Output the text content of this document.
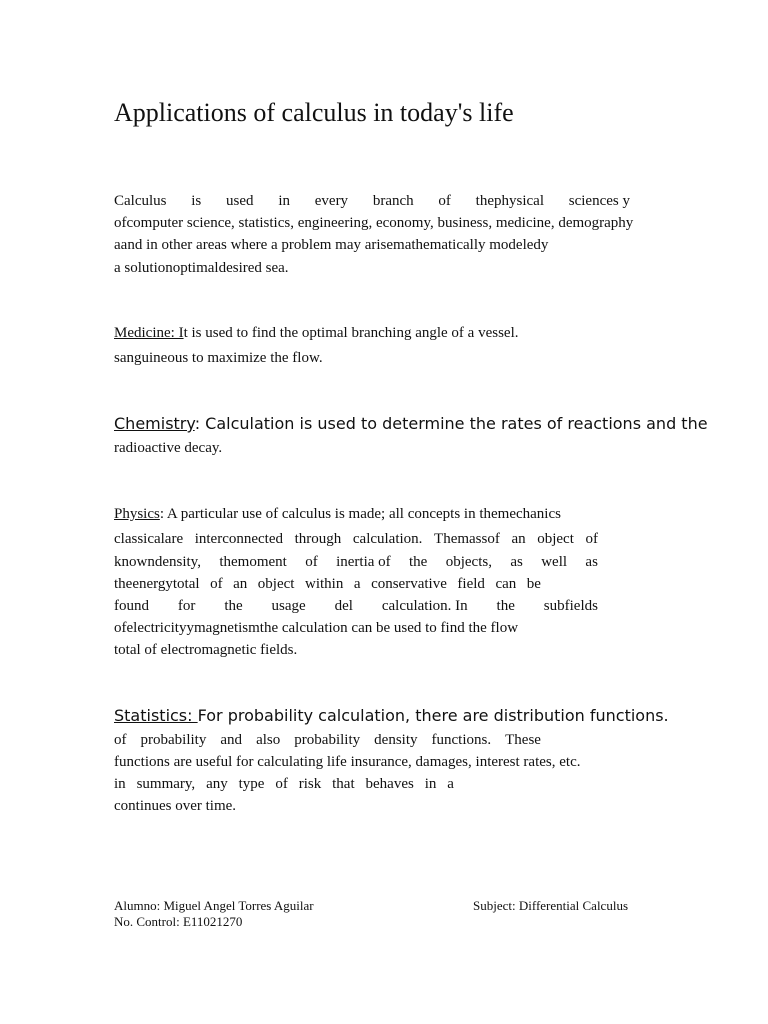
Applications of calculus in today's life
Calculus is used in every branch of thephysical sciences y
ofcomputer science, statistics, engineering, economy, business, medicine, demography
aand in other areas where a problem may arisemathematically modeledy
a solutionoptimaldesired sea.
Medicine: It is used to find the optimal branching angle of a vessel.
sanguineous to maximize the flow.
Chemistry: Calculation is used to determine the rates of reactions and the
radioactive decay.
Physics: A particular use of calculus is made; all concepts in themechanics
classicalare interconnected through calculation. Themassof an object of
knowndensity, themoment of inertia of the objects, as well as
theenergytotal of an object within a conservative field can be
found for the usage del calculation. In the subfields
ofelectricityymagnetismthe calculation can be used to find the flow
total of electromagnetic fields.
Statistics: For probability calculation, there are distribution functions.
of probability and also probability density functions. These
functions are useful for calculating life insurance, damages, interest rates, etc.
in summary, any type of risk that behaves in a
continues over time.
Alumno: Miguel Angel Torres Aguilar
No. Control: E11021270
Subject: Differential Calculus
